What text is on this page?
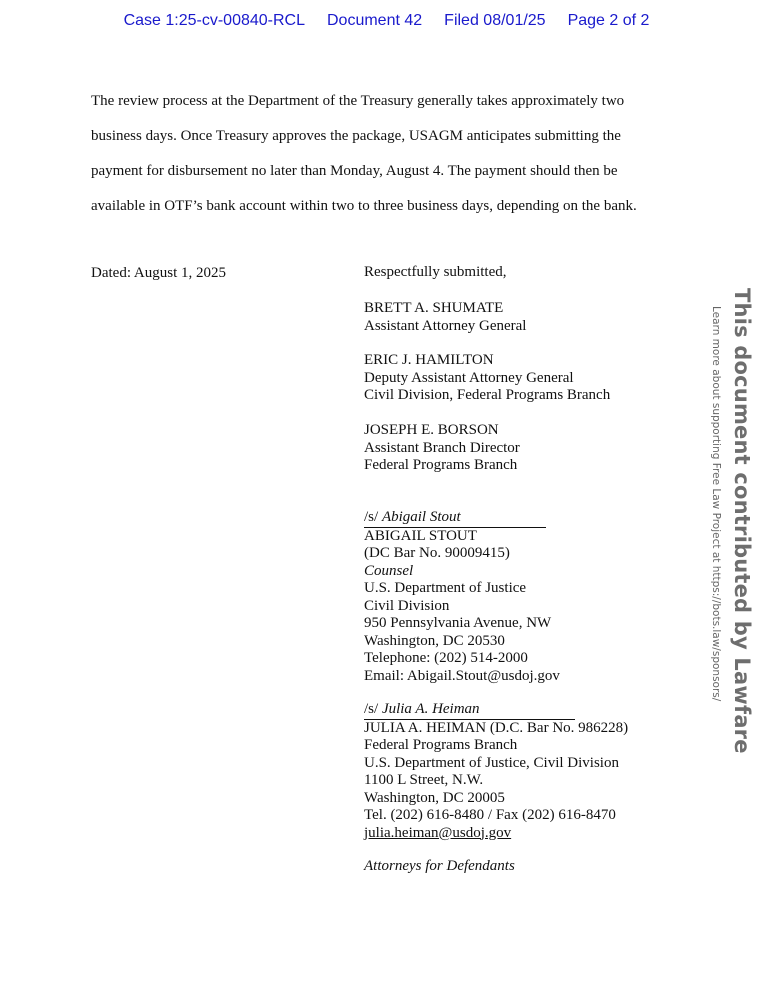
Case 1:25-cv-00840-RCL Document 42 Filed 08/01/25 Page 2 of 2

The review process at the Department of the Treasury generally takes approximately two
business days. Once Treasury approves the package, USAGM anticipates submitting the
payment for disbursement no later than Monday, August 4. The payment should then be
available in OTF’s bank account within two to three business days, depending on the bank.

Dated: August 1, 2025	Respectfully submitted,
BRETT A. SHUMATE
Assistant Attorney General
ERIC J. HAMILTON
Deputy Assistant Attorney General
Civil Division, Federal Programs Branch
JOSEPH E. BORSON
Assistant Branch Director
Federal Programs Branch
/s/ Abigail Stout
ABIGAIL STOUT
(DC Bar No. 90009415)
Counsel
U.S. Department of Justice
Civil Division
950 Pennsylvania Avenue, NW
Washington, DC 20530
Telephone: (202) 514-2000
Email: Abigail.Stout@usdoj.gov
/s/ Julia A. Heiman
JULIA A. HEIMAN (D.C. Bar No. 986228)
Federal Programs Branch
U.S. Department of Justice, Civil Division
1100 L Street, N.W.
Washington, DC 20005
Tel. (202) 616-8480 / Fax (202) 616-8470
julia.heiman@usdoj.gov
Attorneys for Defendants
This document contributed by Lawfare
Learn more about supporting Free Law Project at https://bots.law/sponsors/
